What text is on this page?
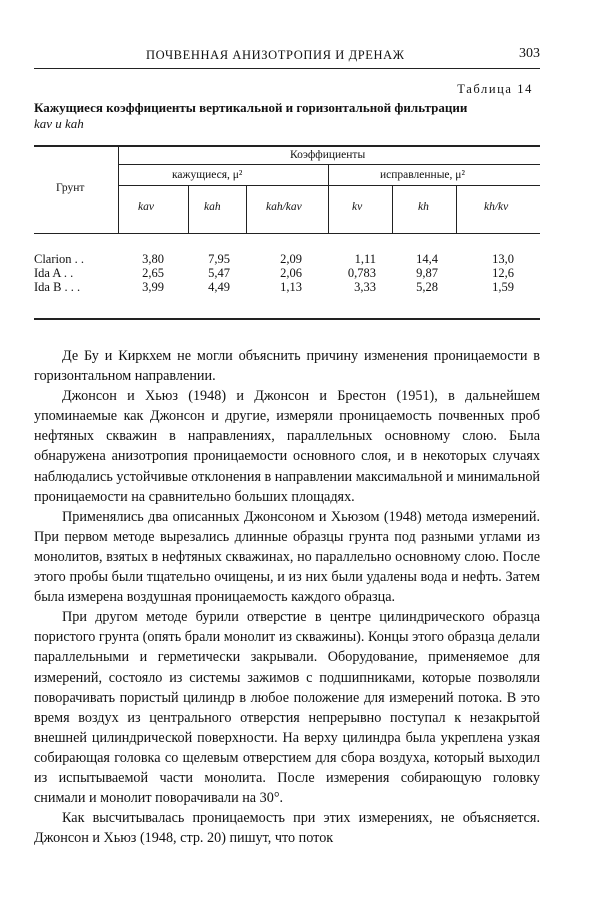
ПОЧВЕННАЯ АНИЗОТРОПИЯ И ДРЕНАЖ	303
Таблица 14
Кажущиеся коэффициенты вертикальной и горизонтальной фильтрации
kav и kah
Грунт
Коэффициенты
кажущиеся, μ²	исправленные, μ²
kav	kah	kah/kav	kv	kh	kh/kv
Clarion . .	3,80	7,95	2,09	1,11	14,4	13,0
Ida A . .	2,65	5,47	2,06	0,783	9,87	12,6
Ida B . . .	3,99	4,49	1,13	3,33	5,28	1,59

Де Бу и Киркхем не могли объяснить причину изменения проницаемости в горизонтальном направлении.

Джонсон и Хьюз (1948) и Джонсон и Брестон (1951), в дальнейшем упоминаемые как Джонсон и другие, измеряли проницаемость почвенных проб нефтяных скважин в направлениях, параллельных основному слою. Была обнаружена анизотропия проницаемости основного слоя, и в некоторых случаях наблюдались устойчивые отклонения в направлении максимальной и минимальной проницаемости на сравнительно больших площадях.

Применялись два описанных Джонсоном и Хьюзом (1948) метода измерений. При первом методе вырезались длинные образцы грунта под разными углами из монолитов, взятых в нефтяных скважинах, но параллельно основному слою. После этого пробы были тщательно очищены, и из них были удалены вода и нефть. Затем была измерена воздушная проницаемость каждого образца.

При другом методе бурили отверстие в центре цилиндрического образца пористого грунта (опять брали монолит из скважины). Концы этого образца делали параллельными и герметически закрывали. Оборудование, применяемое для измерений, состояло из системы зажимов с подшипниками, которые позволяли поворачивать пористый цилиндр в любое положение для измерений потока. В это время воздух из центрального отверстия непрерывно поступал к незакрытой внешней цилиндрической поверхности. На верху цилиндра была укреплена узкая собирающая головка со щелевым отверстием для сбора воздуха, который выходил из испытываемой части монолита. После измерения собирающую головку снимали и монолит поворачивали на 30°.

Как высчитывалась проницаемость при этих измерениях, не объясняется. Джонсон и Хьюз (1948, стр. 20) пишут, что поток
